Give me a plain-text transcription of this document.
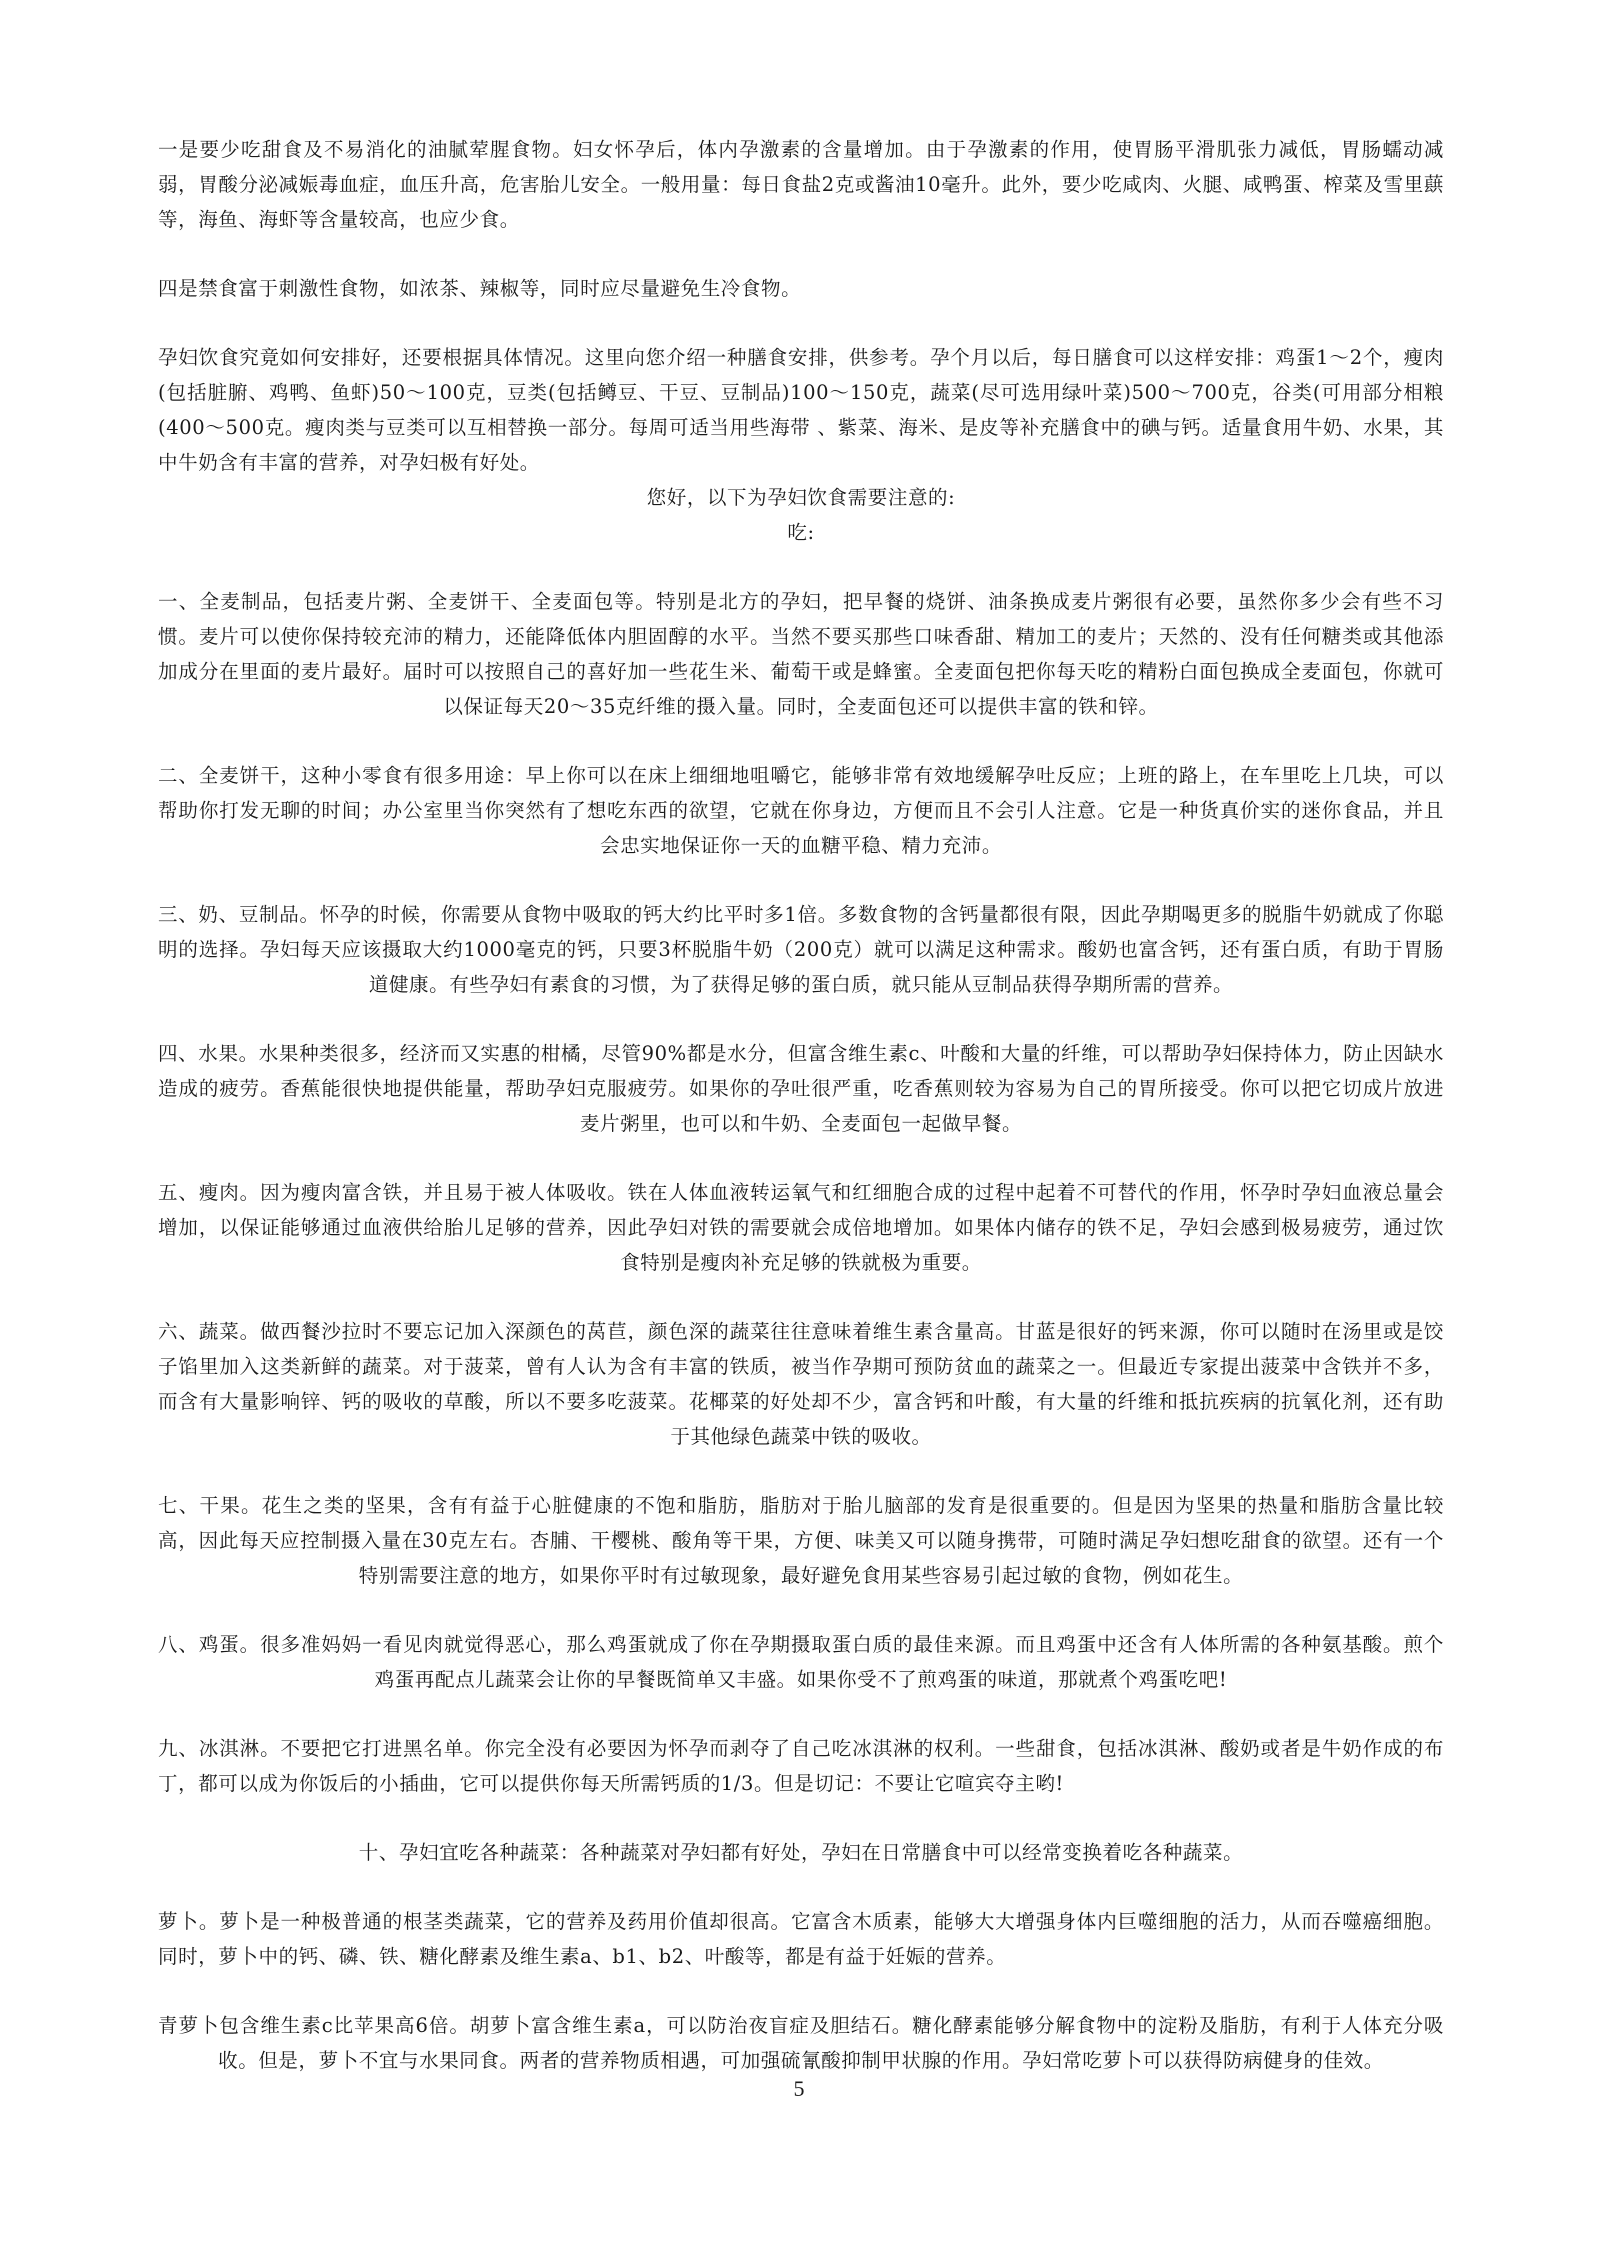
一是要少吃甜食及不易消化的油腻荤腥食物。妇女怀孕后，体内孕激素的含量增加。由于孕激素的作用，使胃肠平滑肌张力减低，胃肠蠕动减弱，胃酸分泌减娠毒血症，血压升高，危害胎儿安全。一般用量：每日食盐2克或酱油10毫升。此外，要少吃咸肉、火腿、咸鸭蛋、榨菜及雪里蕻等，海鱼、海虾等含量较高，也应少食。

四是禁食富于刺激性食物，如浓茶、辣椒等，同时应尽量避免生冷食物。

孕妇饮食究竟如何安排好，还要根据具体情况。这里向您介绍一种膳食安排，供参考。孕个月以后，每日膳食可以这样安排：鸡蛋1～2个，瘦肉(包括脏腑、鸡鸭、鱼虾)50～100克，豆类(包括鳟豆、干豆、豆制品)100～150克，蔬菜(尽可选用绿叶菜)500～700克，谷类(可用部分相粮(400～500克。瘦肉类与豆类可以互相替换一部分。每周可适当用些海带 、紫菜、海米、是皮等补充膳食中的碘与钙。适量食用牛奶、水果，其中牛奶含有丰富的营养，对孕妇极有好处。

您好，以下为孕妇饮食需要注意的:

吃:

一、全麦制品，包括麦片粥、全麦饼干、全麦面包等。特别是北方的孕妇，把早餐的烧饼、油条换成麦片粥很有必要，虽然你多少会有些不习惯。麦片可以使你保持较充沛的精力，还能降低体内胆固醇的水平。当然不要买那些口味香甜、精加工的麦片；天然的、没有任何糖类或其他添加成分在里面的麦片最好。届时可以按照自己的喜好加一些花生米、葡萄干或是蜂蜜。全麦面包把你每天吃的精粉白面包换成全麦面包，你就可以保证每天20～35克纤维的摄入量。同时，全麦面包还可以提供丰富的铁和锌。

二、全麦饼干，这种小零食有很多用途：早上你可以在床上细细地咀嚼它，能够非常有效地缓解孕吐反应；上班的路上，在车里吃上几块，可以帮助你打发无聊的时间；办公室里当你突然有了想吃东西的欲望，它就在你身边，方便而且不会引人注意。它是一种货真价实的迷你食品，并且会忠实地保证你一天的血糖平稳、精力充沛。

三、奶、豆制品。怀孕的时候，你需要从食物中吸取的钙大约比平时多1倍。多数食物的含钙量都很有限，因此孕期喝更多的脱脂牛奶就成了你聪明的选择。孕妇每天应该摄取大约1000毫克的钙，只要3杯脱脂牛奶（200克）就可以满足这种需求。酸奶也富含钙，还有蛋白质，有助于胃肠道健康。有些孕妇有素食的习惯，为了获得足够的蛋白质，就只能从豆制品获得孕期所需的营养。

四、水果。水果种类很多，经济而又实惠的柑橘，尽管90%都是水分，但富含维生素c、叶酸和大量的纤维，可以帮助孕妇保持体力，防止因缺水造成的疲劳。香蕉能很快地提供能量，帮助孕妇克服疲劳。如果你的孕吐很严重，吃香蕉则较为容易为自己的胃所接受。你可以把它切成片放进麦片粥里，也可以和牛奶、全麦面包一起做早餐。

五、瘦肉。因为瘦肉富含铁，并且易于被人体吸收。铁在人体血液转运氧气和红细胞合成的过程中起着不可替代的作用，怀孕时孕妇血液总量会增加，以保证能够通过血液供给胎儿足够的营养，因此孕妇对铁的需要就会成倍地增加。如果体内储存的铁不足，孕妇会感到极易疲劳，通过饮食特别是瘦肉补充足够的铁就极为重要。

六、蔬菜。做西餐沙拉时不要忘记加入深颜色的莴苣，颜色深的蔬菜往往意味着维生素含量高。甘蓝是很好的钙来源，你可以随时在汤里或是饺子馅里加入这类新鲜的蔬菜。对于菠菜，曾有人认为含有丰富的铁质，被当作孕期可预防贫血的蔬菜之一。但最近专家提出菠菜中含铁并不多，而含有大量影响锌、钙的吸收的草酸，所以不要多吃菠菜。花椰菜的好处却不少，富含钙和叶酸，有大量的纤维和抵抗疾病的抗氧化剂，还有助于其他绿色蔬菜中铁的吸收。

七、干果。花生之类的坚果，含有有益于心脏健康的不饱和脂肪，脂肪对于胎儿脑部的发育是很重要的。但是因为坚果的热量和脂肪含量比较高，因此每天应控制摄入量在30克左右。杏脯、干樱桃、酸角等干果，方便、味美又可以随身携带，可随时满足孕妇想吃甜食的欲望。还有一个特别需要注意的地方，如果你平时有过敏现象，最好避免食用某些容易引起过敏的食物，例如花生。

八、鸡蛋。很多准妈妈一看见肉就觉得恶心，那么鸡蛋就成了你在孕期摄取蛋白质的最佳来源。而且鸡蛋中还含有人体所需的各种氨基酸。煎个鸡蛋再配点儿蔬菜会让你的早餐既简单又丰盛。如果你受不了煎鸡蛋的味道，那就煮个鸡蛋吃吧!

九、冰淇淋。不要把它打进黑名单。你完全没有必要因为怀孕而剥夺了自己吃冰淇淋的权利。一些甜食，包括冰淇淋、酸奶或者是牛奶作成的布丁，都可以成为你饭后的小插曲，它可以提供你每天所需钙质的1/3。但是切记：不要让它喧宾夺主哟!

十、孕妇宜吃各种蔬菜：各种蔬菜对孕妇都有好处，孕妇在日常膳食中可以经常变换着吃各种蔬菜。

萝卜。萝卜是一种极普通的根茎类蔬菜，它的营养及药用价值却很高。它富含木质素，能够大大增强身体内巨噬细胞的活力，从而吞噬癌细胞。同时，萝卜中的钙、磷、铁、糖化酵素及维生素a、b1、b2、叶酸等，都是有益于妊娠的营养。

青萝卜包含维生素c比苹果高6倍。胡萝卜富含维生素a，可以防治夜盲症及胆结石。糖化酵素能够分解食物中的淀粉及脂肪，有利于人体充分吸收。但是，萝卜不宜与水果同食。两者的营养物质相遇，可加强硫氰酸抑制甲状腺的作用。孕妇常吃萝卜可以获得防病健身的佳效。

5
